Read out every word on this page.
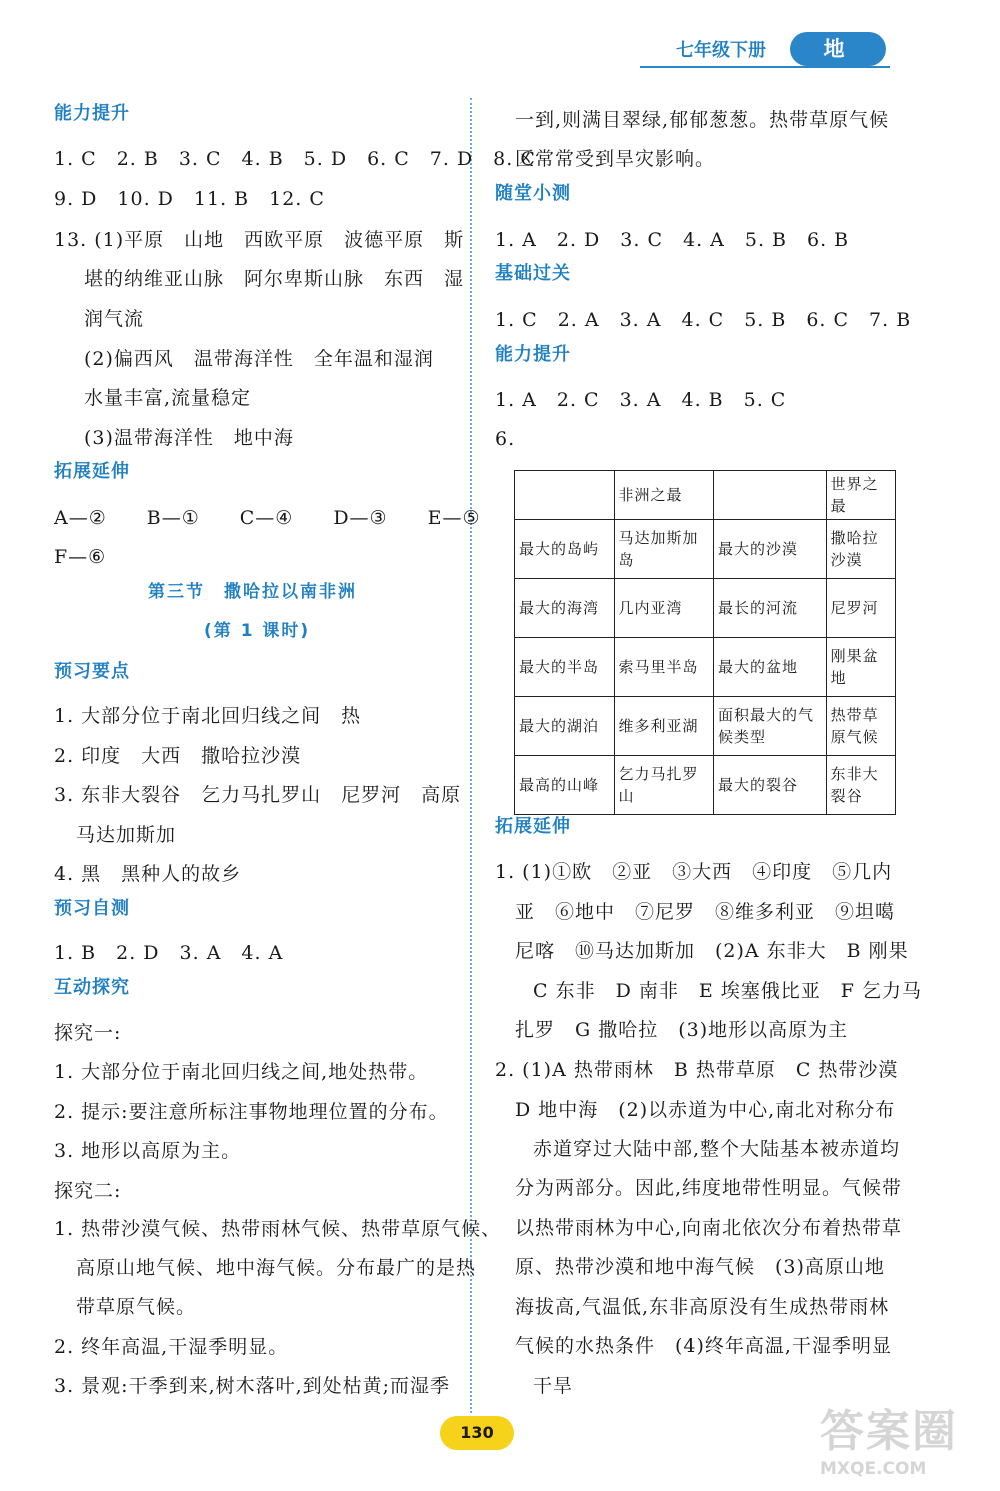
七年级下册	地 理
能力提升
1. C　2. B　3. C　4. B　5. D　6. C　7. D　8. C
9. D　10. D　11. B　12. C
13. (1)平原　山地　西欧平原　波德平原　斯
堪的纳维亚山脉　阿尔卑斯山脉　东西　湿
润气流
(2)偏西风　温带海洋性　全年温和湿润
水量丰富,流量稳定
(3)温带海洋性　地中海
拓展延伸
A—②　　B—①　　C—④　　D—③　　E—⑤
F—⑥
第三节　撒哈拉以南非洲
(第 1 课时)
预习要点
1. 大部分位于南北回归线之间　热
2. 印度　大西　撒哈拉沙漠
3. 东非大裂谷　乞力马扎罗山　尼罗河　高原
马达加斯加
4. 黑　黑种人的故乡
预习自测
1. B　2. D　3. A　4. A
互动探究
探究一:
1. 大部分位于南北回归线之间,地处热带。
2. 提示:要注意所标注事物地理位置的分布。
3. 地形以高原为主。
探究二:
1. 热带沙漠气候、热带雨林气候、热带草原气候、
高原山地气候、地中海气候。分布最广的是热
带草原气候。
2. 终年高温,干湿季明显。
3. 景观:干季到来,树木落叶,到处枯黄;而湿季
一到,则满目翠绿,郁郁葱葱。热带草原气候
区常常受到旱灾影响。
随堂小测
1. A　2. D　3. C　4. A　5. B　6. B
基础过关
1. C　2. A　3. A　4. C　5. B　6. C　7. B
能力提升
1. A　2. C　3. A　4. B　5. C
6.
	非洲之最		世界之最
最大的岛屿	马达加斯加岛	最大的沙漠	撒哈拉沙漠
最大的海湾	几内亚湾	最长的河流	尼罗河
最大的半岛	索马里半岛	最大的盆地	刚果盆地
最大的湖泊	维多利亚湖	面积最大的气候类型	热带草原气候
最高的山峰	乞力马扎罗山	最大的裂谷	东非大裂谷
拓展延伸
1. (1)①欧　②亚　③大西　④印度　⑤几内
亚　⑥地中　⑦尼罗　⑧维多利亚　⑨坦噶
尼喀　⑩马达加斯加　(2)A 东非大　B 刚果
C 东非　D 南非　E 埃塞俄比亚　F 乞力马
扎罗　G 撒哈拉　(3)地形以高原为主
2. (1)A 热带雨林　B 热带草原　C 热带沙漠
D 地中海　(2)以赤道为中心,南北对称分布
赤道穿过大陆中部,整个大陆基本被赤道均
分为两部分。因此,纬度地带性明显。气候带
以热带雨林为中心,向南北依次分布着热带草
原、热带沙漠和地中海气候　(3)高原山地
海拔高,气温低,东非高原没有生成热带雨林
气候的水热条件　(4)终年高温,干湿季明显
干旱
130	答案圈
MXQE.COM
